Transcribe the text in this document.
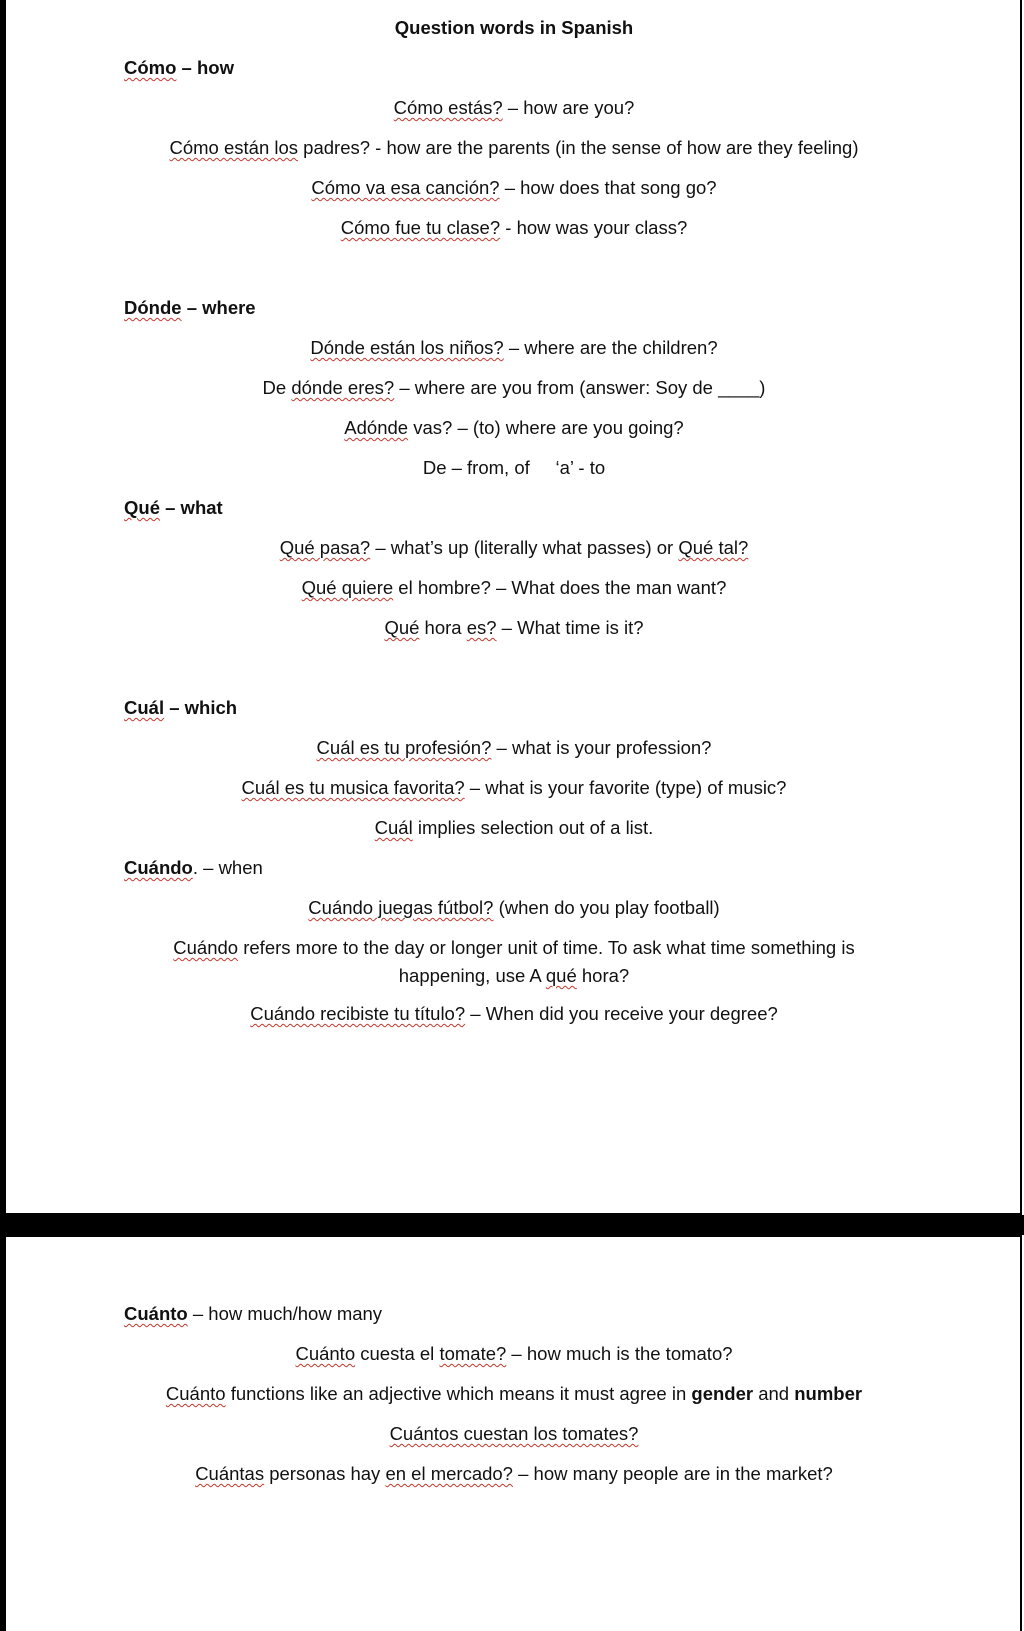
Question words in Spanish
Cómo – how
Cómo estás? – how are you?
Cómo están los padres? - how are the parents (in the sense of how are they feeling)
Cómo va esa canción? – how does that song go?
Cómo fue tu clase? - how was your class?
Dónde – where
Dónde están los niños? – where are the children?
De dónde eres? – where are you from (answer: Soy de ____)
Adónde vas? – (to) where are you going?
De – from, of     ‘a’ - to
Qué – what
Qué pasa? – what’s up (literally what passes) or Qué tal?
Qué quiere el hombre? – What does the man want?
Qué hora es? – What time is it?
Cuál – which
Cuál es tu profesión? – what is your profession?
Cuál es tu musica favorita? – what is your favorite (type) of music?
Cuál implies selection out of a list.
Cuándo. – when
Cuándo juegas fútbol? (when do you play football)
Cuándo refers more to the day or longer unit of time. To ask what time something is happening, use A qué hora?
Cuándo recibiste tu título? – When did you receive your degree?
Cuánto – how much/how many
Cuánto cuesta el tomate? – how much is the tomato?
Cuánto functions like an adjective which means it must agree in gender and number
Cuántos cuestan los tomates?
Cuántas personas hay en el mercado? – how many people are in the market?
